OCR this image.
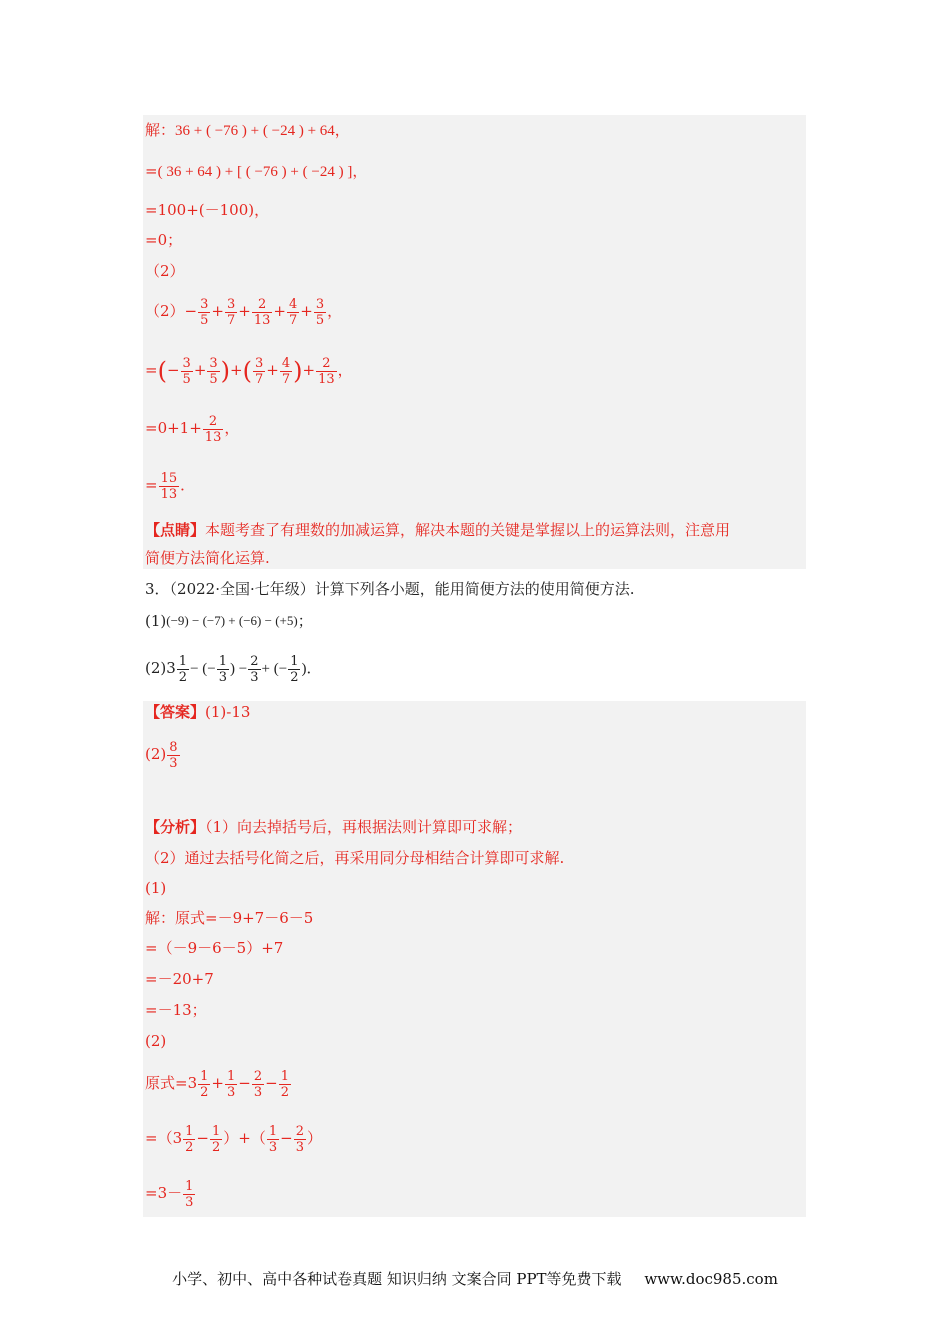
解：36 + ( −76 ) + ( −24 ) + 64，
=( 36 + 64 ) + [ ( −76 ) + ( −24 ) ]，
=100+(－100)，
=0；
（2）
$(2)- \frac{3}{5} + \frac{3}{7} + \frac{2}{13} + \frac{4}{7} + \frac{3}{5}$ ，
=(− $\frac{3}{5} + \frac{3}{5}$ )+( $\frac{3}{7} + \frac{4}{7}$ )+ $\frac{2}{13}$ ，
$=0+1+ \frac{2}{13}$ ，
= $\frac{15}{13}$ ．
【点睛】本题考查了有理数的加减运算，解决本题的关键是掌握以上的运算法则，注意用
简便方法简化运算.
3．（2022·全国·七年级）计算下列各小题，能用简便方法的使用简便方法.
(1)(−9) − (−7) + (−6) − (+5)；
$(2)3 \frac{1}{2}$ − (− $\frac{1}{3}$ ) − $\frac{2}{3}$ + (− $\frac{1}{2}$ )．
【答案】(1)-13
$(2) \frac{8}{3}$
【分析】（1）向去掉括号后，再根据法则计算即可求解；
（2）通过去括号化简之后，再采用同分母相结合计算即可求解.
(1)
解：原式=－9+7－6－5
=（－9－6－5）+7
=－20+7
=－13；
(2)
原式$=3 \frac{1}{2} + \frac{1}{3} - \frac{2}{3} - \frac{1}{2}$
$=(3 \frac{1}{2} - \frac{1}{2}$ ）+（ $\frac{1}{3} - \frac{2}{3}$ ）
$=3- \frac{1}{3}$
小学、初中、高中各种试卷真题 知识归纳 文案合同 PPT等免费下载 www.doc985.com
